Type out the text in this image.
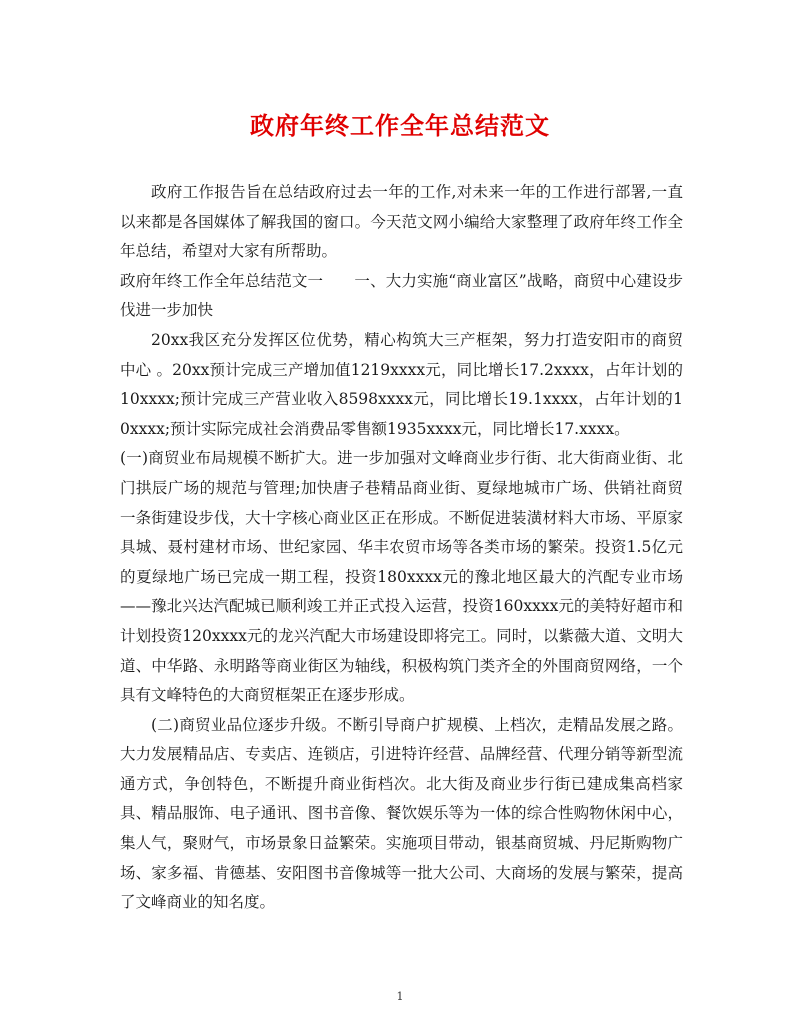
政府年终工作全年总结范文

政府工作报告旨在总结政府过去一年的工作,对未来一年的工作进行部署,一直以来都是各国媒体了解我国的窗口。今天范文网小编给大家整理了政府年终工作全年总结，希望对大家有所帮助。

政府年终工作全年总结范文一　　一、大力实施“商业富区”战略，商贸中心建设步伐进一步加快

20xx我区充分发挥区位优势，精心构筑大三产框架，努力打造安阳市的商贸中心 。20xx预计完成三产增加值1219xxxx元，同比增长17.2xxxx，占年计划的10xxxx;预计完成三产营业收入8598xxxx元，同比增长19.1xxxx，占年计划的10xxxx;预计实际完成社会消费品零售额1935xxxx元，同比增长17.xxxx。

(一)商贸业布局规模不断扩大。进一步加强对文峰商业步行街、北大街商业街、北门拱辰广场的规范与管理;加快唐子巷精品商业街、夏绿地城市广场、供销社商贸一条街建设步伐，大十字核心商业区正在形成。不断促进装潢材料大市场、平原家具城、聂村建材市场、世纪家园、华丰农贸市场等各类市场的繁荣。投资1.5亿元的夏绿地广场已完成一期工程，投资180xxxx元的豫北地区最大的汽配专业市场——豫北兴达汽配城已顺利竣工并正式投入运营，投资160xxxx元的美特好超市和计划投资120xxxx元的龙兴汽配大市场建设即将完工。同时，以紫薇大道、文明大道、中华路、永明路等商业街区为轴线，积极构筑门类齐全的外围商贸网络，一个具有文峰特色的大商贸框架正在逐步形成。

(二)商贸业品位逐步升级。不断引导商户扩规模、上档次，走精品发展之路。大力发展精品店、专卖店、连锁店，引进特许经营、品牌经营、代理分销等新型流通方式，争创特色，不断提升商业街档次。北大街及商业步行街已建成集高档家具、精品服饰、电子通讯、图书音像、餐饮娱乐等为一体的综合性购物休闲中心，集人气，聚财气，市场景象日益繁荣。实施项目带动，银基商贸城、丹尼斯购物广场、家多福、肯德基、安阳图书音像城等一批大公司、大商场的发展与繁荣，提高了文峰商业的知名度。

1
